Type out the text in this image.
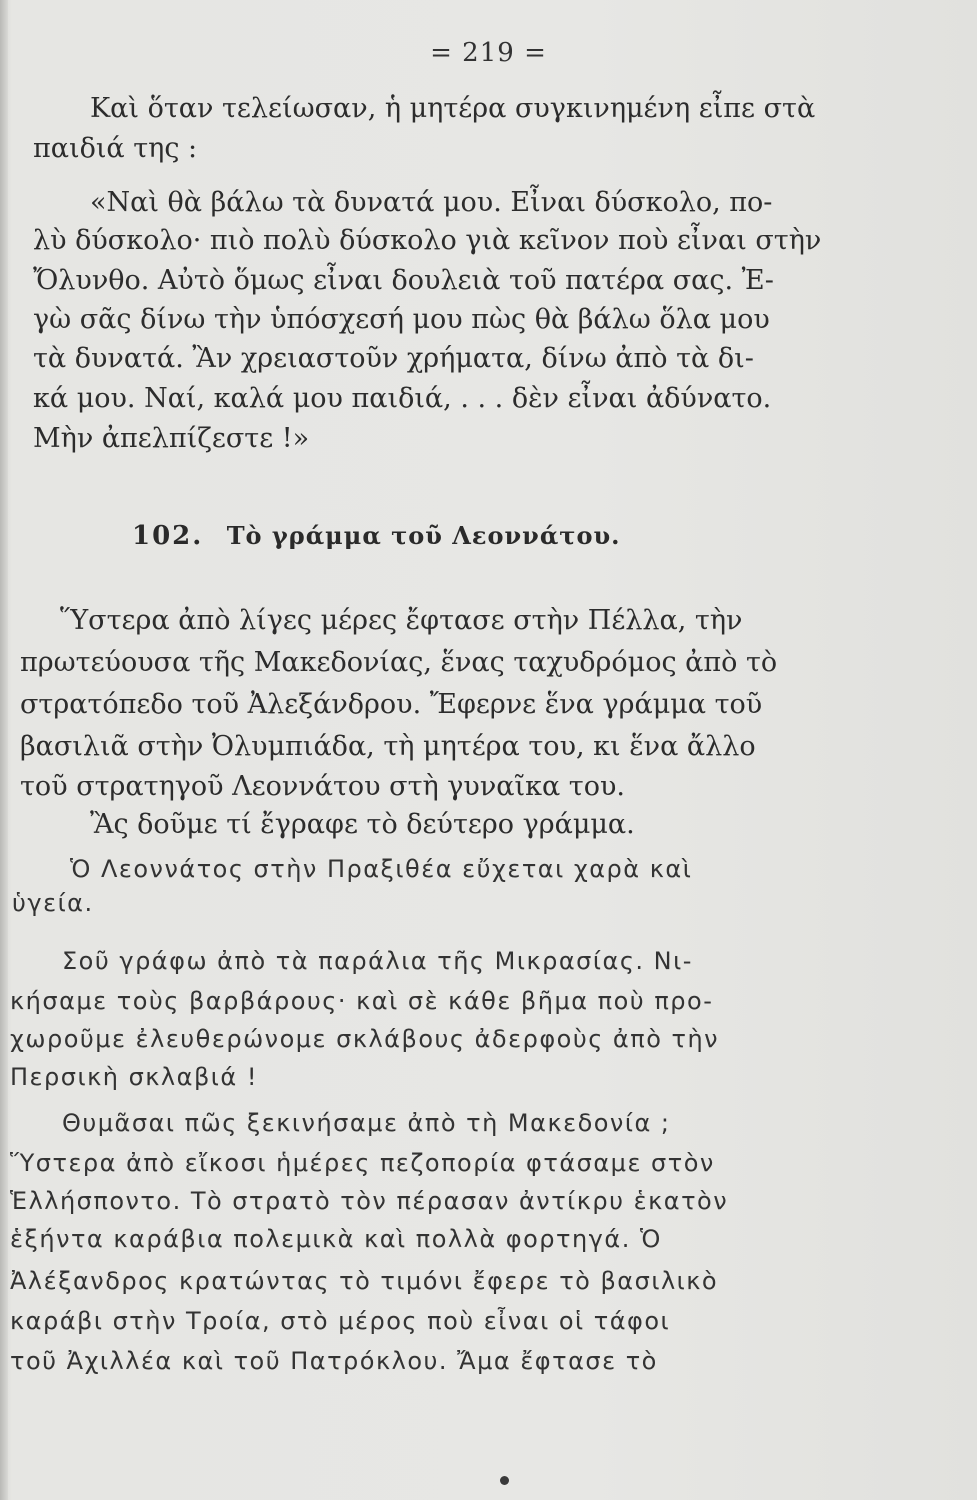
= 219 =
Καὶ ὅταν τελείωσαν, ἡ μητέρα συγκινημένη εἶπε στὰ
παιδιά της :
«Ναὶ θὰ βάλω τὰ δυνατά μου. Εἶναι δύσκολο, πο-
λὺ δύσκολο· πιὸ πολὺ δύσκολο γιὰ κεῖνον ποὺ εἶναι στὴν
Ὄλυνθο. Αὐτὸ ὅμως εἶναι δουλειὰ τοῦ πατέρα σας. Ἐ-
γὼ σᾶς δίνω τὴν ὑπόσχεσή μου πὼς θὰ βάλω ὅλα μου
τὰ δυνατά. Ἂν χρειαστοῦν χρήματα, δίνω ἀπὸ τὰ δι-
κά μου. Ναί, καλά μου παιδιά, . . . δὲν εἶναι ἀδύνατο.
Μὴν ἀπελπίζεστε !»
102. Τὸ γράμμα τοῦ Λεοννάτου.
Ὕστερα ἀπὸ λίγες μέρες ἔφτασε στὴν Πέλλα, τὴν
πρωτεύουσα τῆς Μακεδονίας, ἕνας ταχυδρόμος ἀπὸ τὸ
στρατόπεδο τοῦ Ἀλεξάνδρου. Ἔφερνε ἕνα γράμμα τοῦ
βασιλιᾶ στὴν Ὀλυμπιάδα, τὴ μητέρα του, κι ἕνα ἄλλο
τοῦ στρατηγοῦ Λεοννάτου στὴ γυναῖκα του.
Ἂς δοῦμε τί ἔγραφε τὸ δεύτερο γράμμα.
Ὁ Λεοννάτος στὴν Πραξιθέα εὔχεται χαρὰ καὶ
ὑγεία.
Σοῦ γράφω ἀπὸ τὰ παράλια τῆς Μικρασίας. Νι-
κήσαμε τοὺς βαρβάρους· καὶ σὲ κάθε βῆμα ποὺ προ-
χωροῦμε ἐλευθερώνομε σκλάβους ἀδερφοὺς ἀπὸ τὴν
Περσικὴ σκλαβιά !
Θυμᾶσαι πῶς ξεκινήσαμε ἀπὸ τὴ Μακεδονία ;
Ὕστερα ἀπὸ εἴκοσι ἡμέρες πεζοπορία φτάσαμε στὸν
Ἑλλήσποντο. Τὸ στρατὸ τὸν πέρασαν ἀντίκρυ ἑκατὸν
ἑξήντα καράβια πολεμικὰ καὶ πολλὰ φορτηγά. Ὁ
Ἀλέξανδρος κρατώντας τὸ τιμόνι ἔφερε τὸ βασιλικὸ
καράβι στὴν Τροία, στὸ μέρος ποὺ εἶναι οἱ τάφοι
τοῦ Ἀχιλλέα καὶ τοῦ Πατρόκλου. Ἄμα ἔφτασε τὸ
